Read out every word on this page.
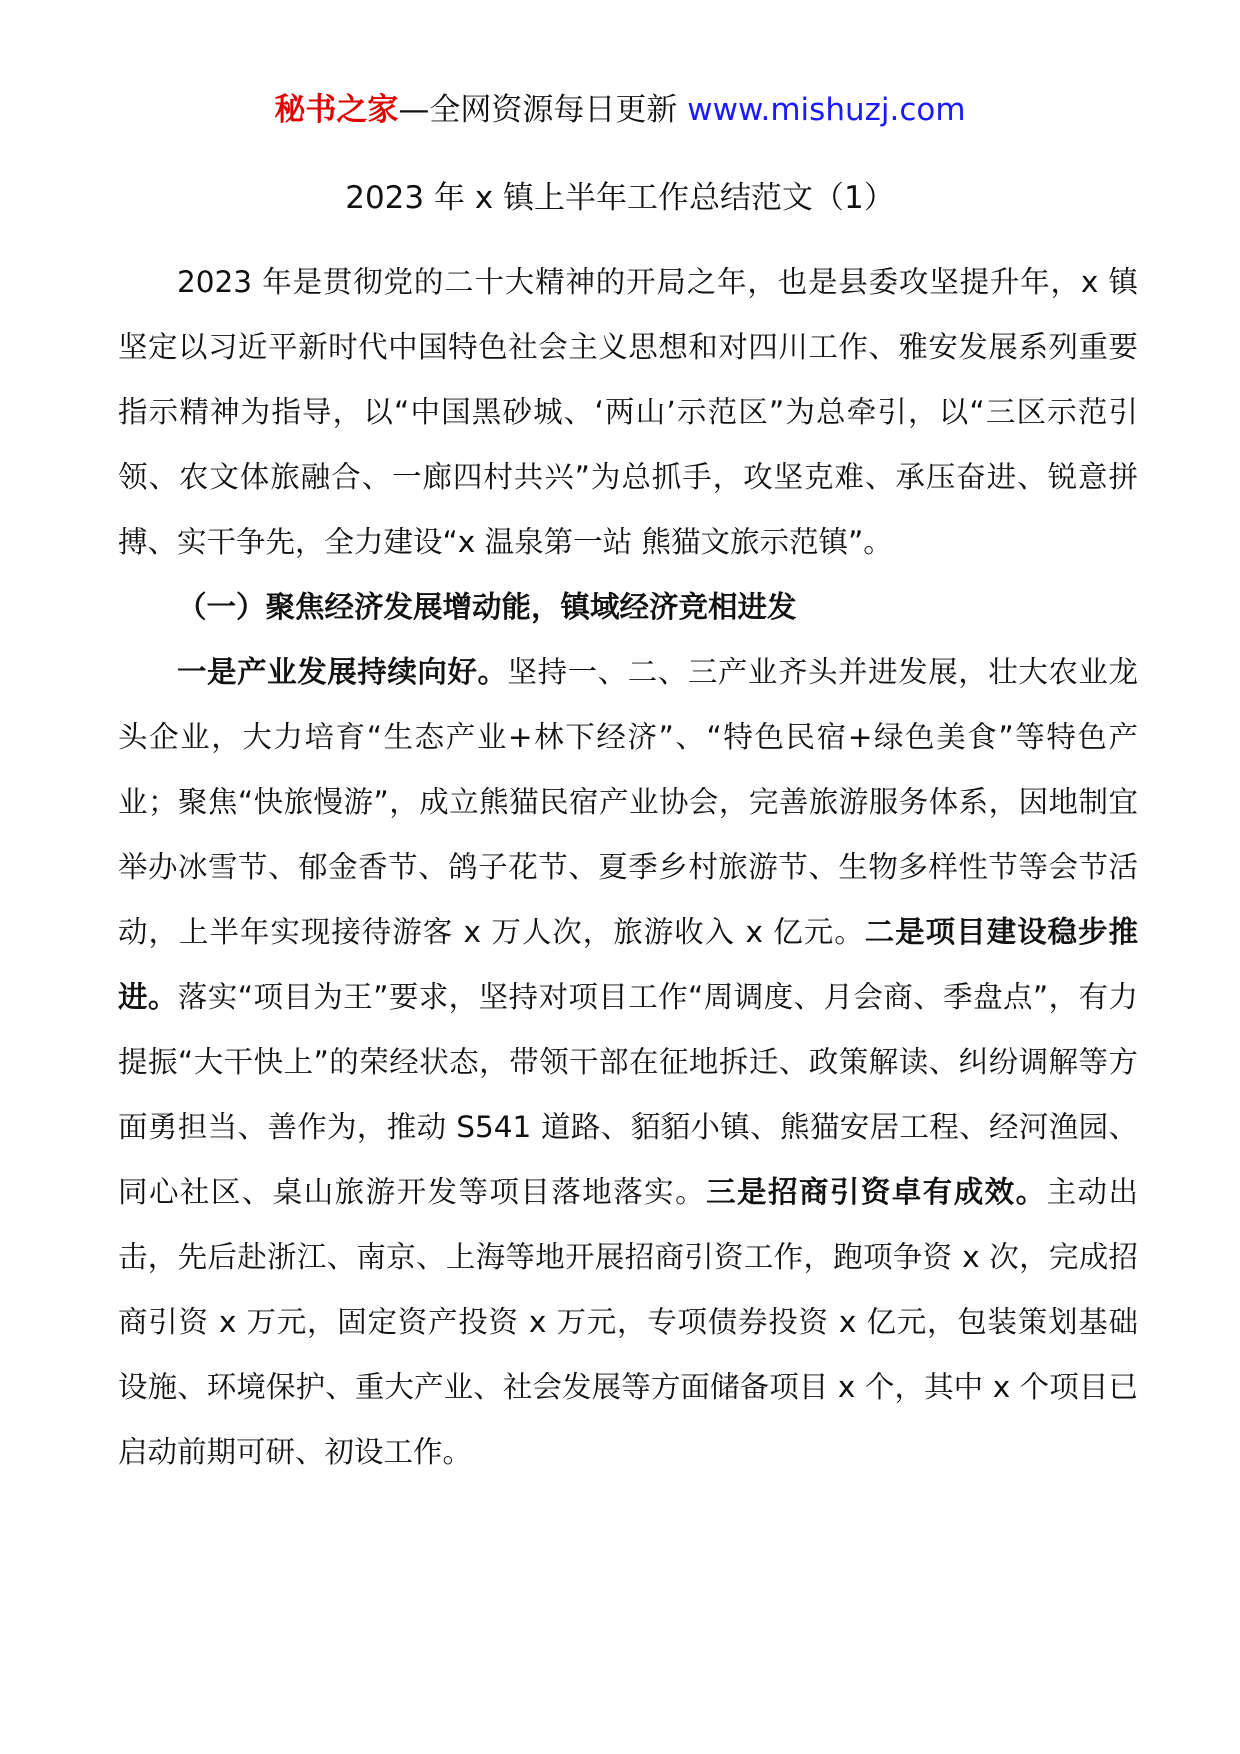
秘书之家—全网资源每日更新 www.mishuzj.com
2023 年 x 镇上半年工作总结范文（1）

2023 年是贯彻党的二十大精神的开局之年，也是县委攻坚提升年，x 镇坚定以习近平新时代中国特色社会主义思想和对四川工作、雅安发展系列重要指示精神为指导，以“中国黑砂城、‘两山’示范区”为总牵引，以“三区示范引领、农文体旅融合、一廊四村共兴”为总抓手，攻坚克难、承压奋进、锐意拼搏、实干争先，全力建设“x 温泉第一站 熊猫文旅示范镇”。

（一）聚焦经济发展增动能，镇域经济竞相进发

一是产业发展持续向好。坚持一、二、三产业齐头并进发展，壮大农业龙头企业，大力培育“生态产业+林下经济”、“特色民宿+绿色美食”等特色产业；聚焦“快旅慢游”，成立熊猫民宿产业协会，完善旅游服务体系，因地制宜举办冰雪节、郁金香节、鸽子花节、夏季乡村旅游节、生物多样性节等会节活动，上半年实现接待游客 x 万人次，旅游收入 x 亿元。二是项目建设稳步推进。落实“项目为王”要求，坚持对项目工作“周调度、月会商、季盘点”，有力提振“大干快上”的荣经状态，带领干部在征地拆迁、政策解读、纠纷调解等方面勇担当、善作为，推动 S541 道路、貊貊小镇、熊猫安居工程、经河渔园、同心社区、桌山旅游开发等项目落地落实。三是招商引资卓有成效。主动出击，先后赴浙江、南京、上海等地开展招商引资工作，跑项争资 x 次，完成招商引资 x 万元，固定资产投资 x 万元，专项债券投资 x 亿元，包装策划基础设施、环境保护、重大产业、社会发展等方面储备项目 x 个，其中 x 个项目已启动前期可研、初设工作。
